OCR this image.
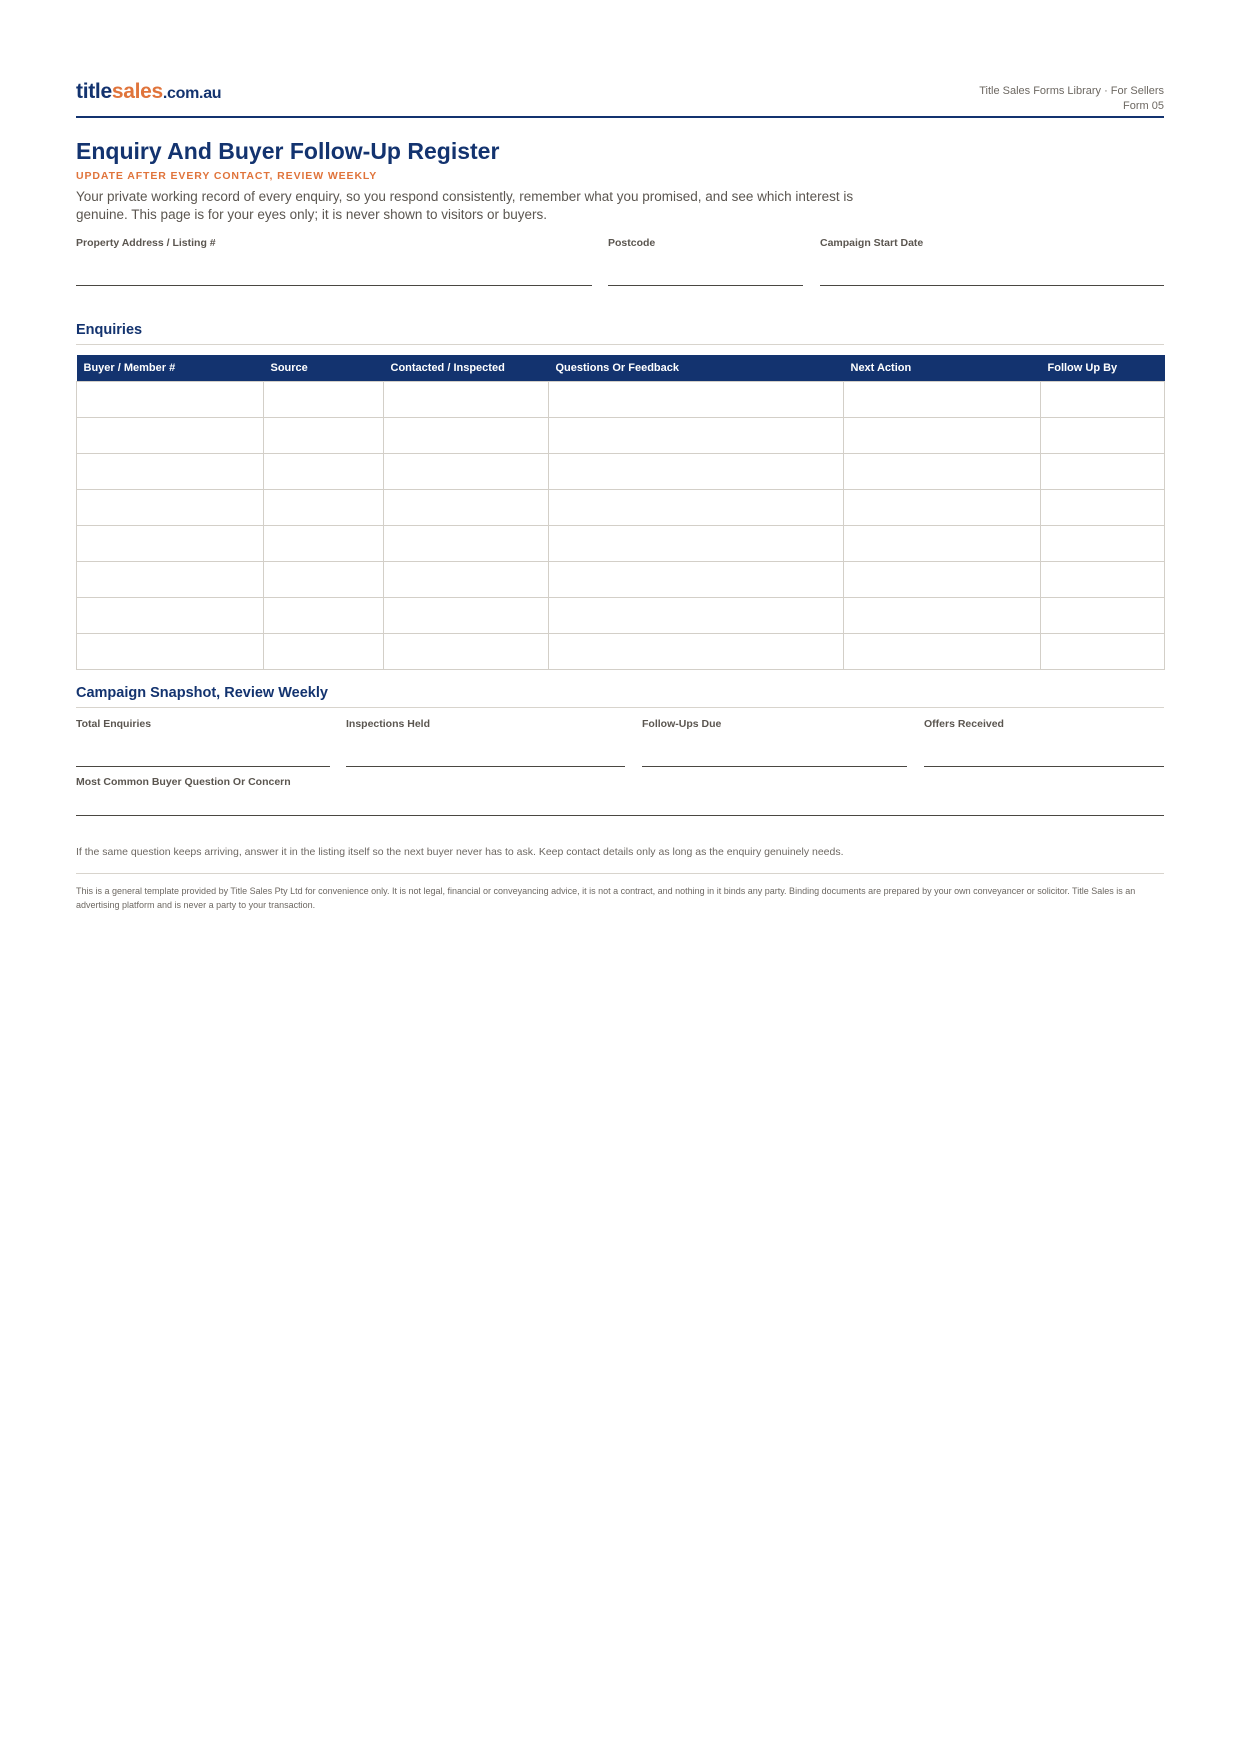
titlesales.com.au	Title Sales Forms Library · For Sellers
Form 05
Enquiry And Buyer Follow-Up Register
UPDATE AFTER EVERY CONTACT, REVIEW WEEKLY
Your private working record of every enquiry, so you respond consistently, remember what you promised, and see which interest is genuine. This page is for your eyes only; it is never shown to visitors or buyers.
Property Address / Listing #	Postcode	Campaign Start Date
Enquiries
Buyer / Member #	Source	Contacted / Inspected	Questions Or Feedback	Next Action	Follow Up By

Campaign Snapshot, Review Weekly
Total Enquiries	Inspections Held	Follow-Ups Due	Offers Received
Most Common Buyer Question Or Concern
If the same question keeps arriving, answer it in the listing itself so the next buyer never has to ask. Keep contact details only as long as the enquiry genuinely needs.
This is a general template provided by Title Sales Pty Ltd for convenience only. It is not legal, financial or conveyancing advice, it is not a contract, and nothing in it binds any party. Binding documents are prepared by your own conveyancer or solicitor. Title Sales is an advertising platform and is never a party to your transaction.
